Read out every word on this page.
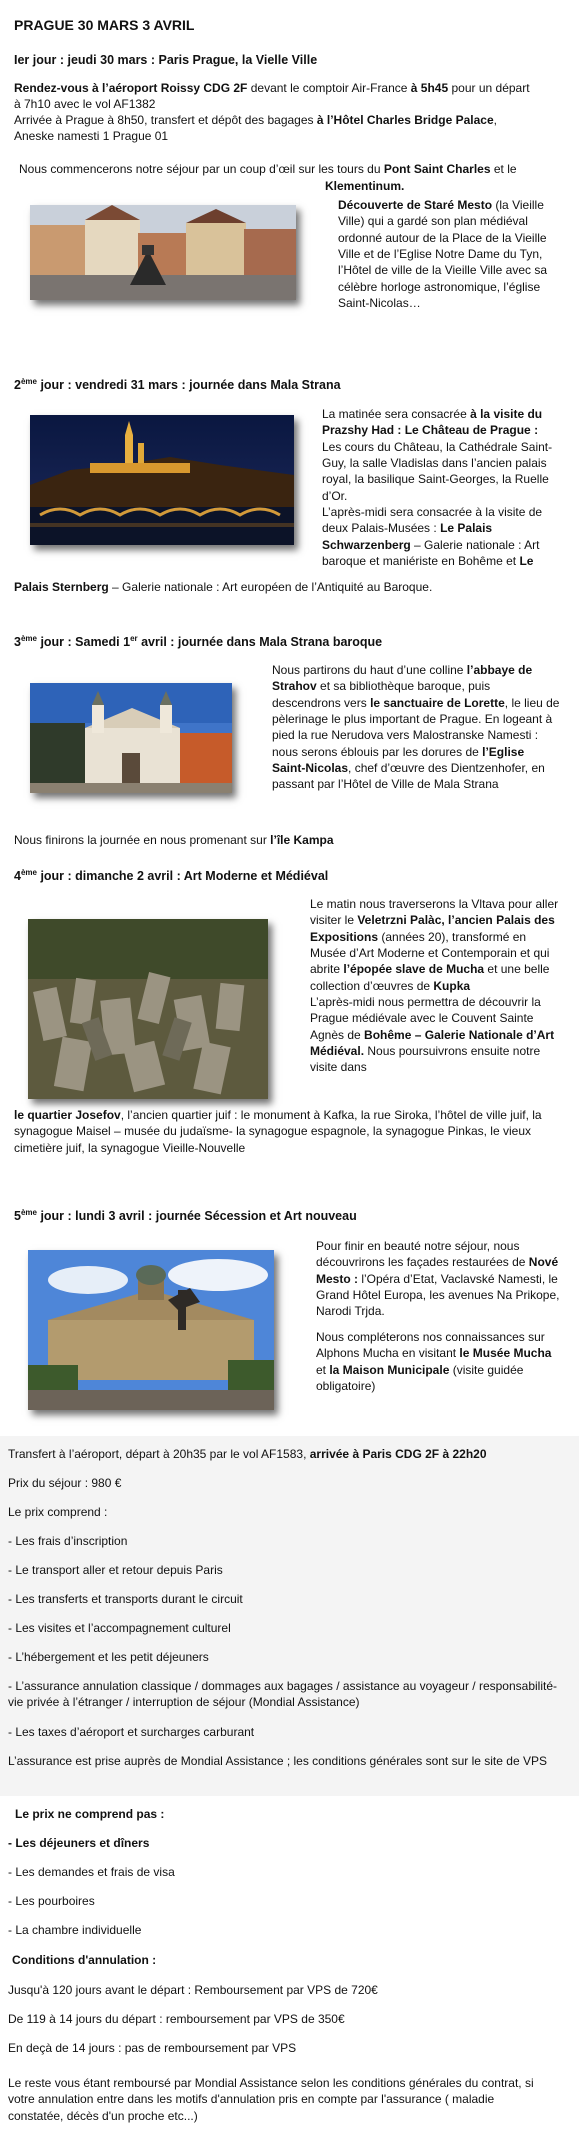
PRAGUE 30 MARS 3 AVRIL
Ier jour : jeudi 30 mars : Paris Prague, la Vielle Ville

Rendez-vous à l’aéroport Roissy CDG 2F devant le comptoir Air-France à 5h45 pour un départ à 7h10 avec le vol AF1382

Arrivée à Prague à 8h50, transfert et dépôt des bagages à l’Hôtel Charles Bridge Palace, Aneske namesti 1 Prague 01

Nous commencerons notre séjour par un coup d’œil sur les tours du Pont Saint Charles et le

Klementinum.

Découverte de Staré Mesto (la Vieille Ville) qui a gardé son plan médiéval ordonné autour de la Place de la Vieille Ville et de l’Eglise Notre Dame du Tyn, l’Hôtel de ville de la Vieille Ville avec sa célèbre horloge astronomique, l’église Saint-Nicolas…

2ème jour : vendredi 31 mars : journée dans Mala Strana

La matinée sera consacrée à la visite du Prazshy Had : Le Château de Prague : Les cours du Château, la Cathédrale Saint-Guy, la salle Vladislas dans l’ancien palais royal, la basilique Saint-Georges, la Ruelle d’Or.
L’après-midi sera consacrée à la visite de deux Palais-Musées : Le Palais Schwarzenberg – Galerie nationale : Art baroque et maniériste en Bohême et Le

Palais Sternberg – Galerie nationale : Art européen de l’Antiquité au Baroque.

3ème jour : Samedi 1er avril : journée dans Mala Strana baroque

Nous partirons du haut d’une colline l’abbaye de Strahov et sa bibliothèque baroque, puis descendrons vers le sanctuaire de Lorette, le lieu de pèlerinage le plus important de Prague. En logeant à pied la rue Nerudova vers Malostranske Namesti : nous serons éblouis par les dorures de l’Eglise Saint-Nicolas, chef d’œuvre des Dientzenhofer, en passant par l’Hôtel de Ville de Mala Strana

Nous finirons la journée en nous promenant sur l’île Kampa

4ème jour : dimanche 2 avril : Art Moderne et Médiéval

Le matin nous traverserons la Vltava pour aller visiter le Veletrzni Palàc, l’ancien Palais des Expositions (années 20), transformé en Musée d’Art Moderne et Contemporain et qui abrite l’épopée slave de Mucha et une belle collection d’œuvres de Kupka
L’après-midi nous permettra de découvrir la Prague médiévale avec le Couvent Sainte Agnès de Bohême – Galerie Nationale d’Art Médiéval. Nous poursuivrons ensuite notre visite dans

le quartier Josefov, l’ancien quartier juif : le monument à Kafka, la rue Siroka, l’hôtel de ville juif, la synagogue Maisel – musée du judaïsme- la synagogue espagnole, la synagogue Pinkas, le vieux cimetière juif, la synagogue Vieille-Nouvelle

5ème jour : lundi 3 avril : journée Sécession et Art nouveau

Pour finir en beauté notre séjour, nous découvrirons les façades restaurées de Nové Mesto : l’Opéra d’Etat, Vaclavské Namesti, le Grand Hôtel Europa, les avenues Na Prikope, Narodi Trjda.

Nous compléterons nos connaissances sur Alphons Mucha en visitant le Musée Mucha et la Maison Municipale (visite guidée obligatoire)

Transfert à l’aéroport, départ à 20h35 par le vol AF1583, arrivée à Paris CDG 2F à 22h20

Prix du séjour : 980 €

Le prix comprend :

- Les frais d’inscription

- Le transport aller et retour depuis Paris

- Les transferts et transports durant le circuit

- Les visites et l’accompagnement culturel

- L’hébergement et les petit déjeuners

- L’assurance annulation classique / dommages aux bagages / assistance au voyageur / responsabilité-vie privée à l’étranger / interruption de séjour (Mondial Assistance)

- Les taxes d’aéroport et surcharges carburant

L’assurance est prise auprès de Mondial Assistance ; les conditions générales sont sur le site de VPS

Le prix ne comprend pas :

- Les déjeuners et dîners

- Les demandes et frais de visa

- Les pourboires

- La chambre individuelle

Conditions d'annulation :

Jusqu'à 120 jours avant le départ : Remboursement par VPS de 720€

De 119 à 14 jours du départ : remboursement par VPS de 350€

En deçà de 14 jours : pas de remboursement par VPS

Le reste vous étant remboursé par Mondial Assistance selon les conditions générales du contrat, si votre annulation entre dans les motifs d'annulation pris en compte par l'assurance ( maladie constatée, décès d'un proche etc...)
